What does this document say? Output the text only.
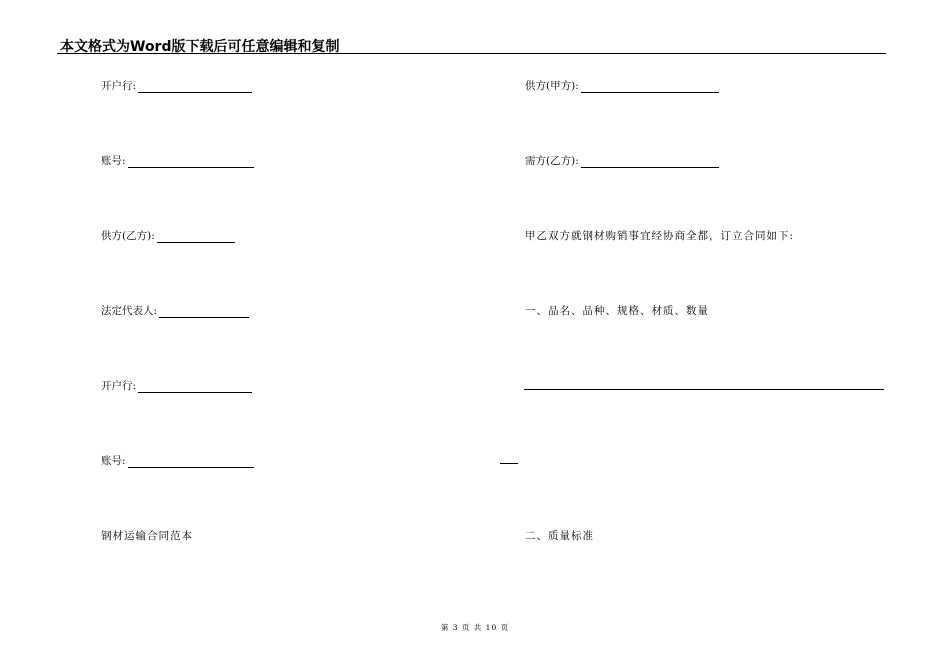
本文格式为Word版下载后可任意编辑和复制
开户行:
账号:
供方(乙方):
法定代表人:
开户行:
账号:
钢材运输合同范本
供方(甲方):
需方(乙方):
甲乙双方就钢材购销事宜经协商全都，订立合同如下:
一、品名、品种、规格、材质、数量
二、质量标准
第 3 页 共 10 页
